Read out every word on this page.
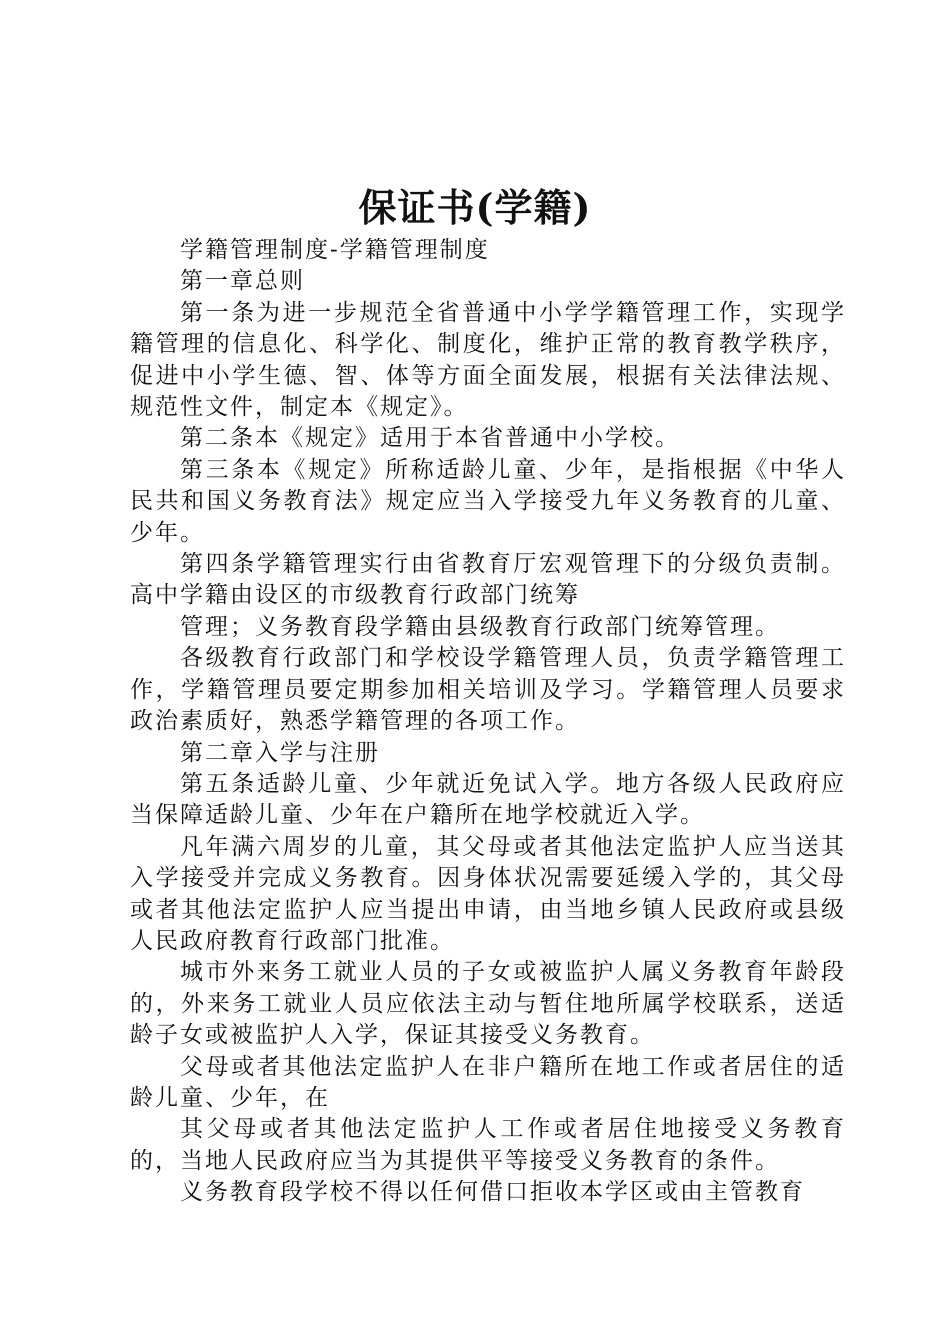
保证书(学籍)

学籍管理制度-学籍管理制度

第一章总则

第一条为进一步规范全省普通中小学学籍管理工作，实现学籍管理的信息化、科学化、制度化，维护正常的教育教学秩序，促进中小学生德、智、体等方面全面发展，根据有关法律法规、规范性文件，制定本《规定》。

第二条本《规定》适用于本省普通中小学校。

第三条本《规定》所称适龄儿童、少年，是指根据《中华人民共和国义务教育法》规定应当入学接受九年义务教育的儿童、少年。

第四条学籍管理实行由省教育厅宏观管理下的分级负责制。高中学籍由设区的市级教育行政部门统筹

管理；义务教育段学籍由县级教育行政部门统筹管理。

各级教育行政部门和学校设学籍管理人员，负责学籍管理工作，学籍管理员要定期参加相关培训及学习。学籍管理人员要求政治素质好，熟悉学籍管理的各项工作。

第二章入学与注册

第五条适龄儿童、少年就近免试入学。地方各级人民政府应当保障适龄儿童、少年在户籍所在地学校就近入学。

凡年满六周岁的儿童，其父母或者其他法定监护人应当送其入学接受并完成义务教育。因身体状况需要延缓入学的，其父母或者其他法定监护人应当提出申请，由当地乡镇人民政府或县级人民政府教育行政部门批准。

城市外来务工就业人员的子女或被监护人属义务教育年龄段的，外来务工就业人员应依法主动与暂住地所属学校联系，送适龄子女或被监护人入学，保证其接受义务教育。

父母或者其他法定监护人在非户籍所在地工作或者居住的适龄儿童、少年，在

其父母或者其他法定监护人工作或者居住地接受义务教育的，当地人民政府应当为其提供平等接受义务教育的条件。

义务教育段学校不得以任何借口拒收本学区或由主管教育
